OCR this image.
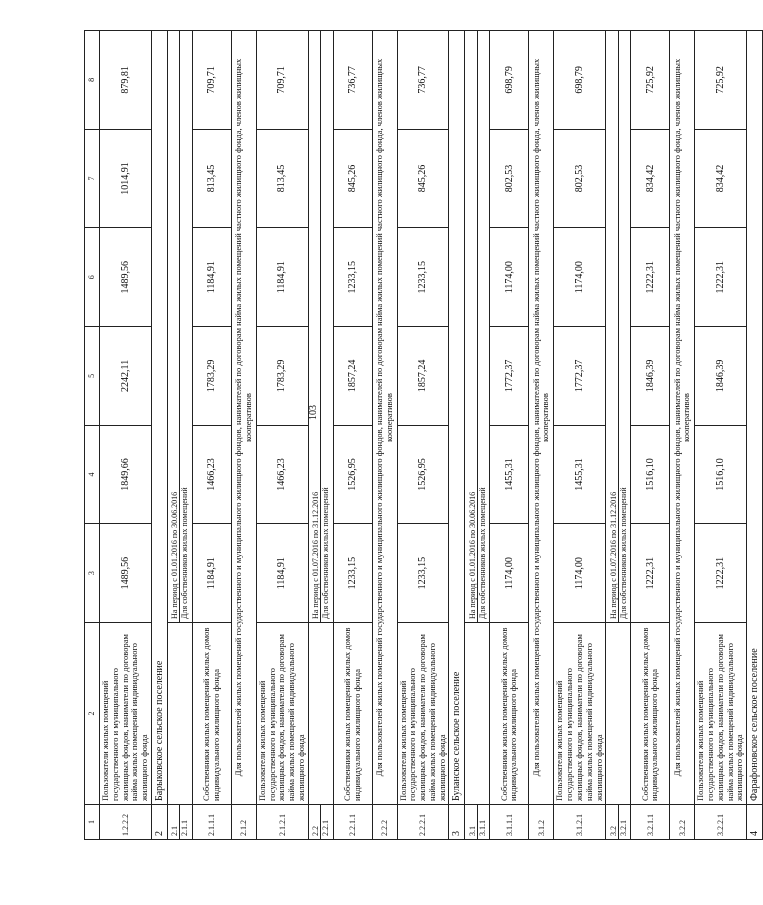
103
1	2	3	4	5	6	7	8
1.2.2.2	Пользователи жилых помещений государственного и муниципального жилищных фондов, наниматели по договорам найма жилых помещений индивидуального жилищного фонда	1489,56	1849,66	2242,11	1489,56	1014,91	879,81
2	Барыковское сельское поселение						

2.1 2.1.1		На период с 01.01.2016 по 30.06.2016 Для собственников жилых помещений					

2.1.1.1	Собственники жилых помещений жилых домов индивидуального жилищного фонда	1184,91	1466,23	1783,29	1184,91	813,45	709,71
2.1.2	Для пользователей жилых помещений государственного и муниципального жилищного фондов, нанимателей по договорам найма жилых помещений частного жилищного фонда, членов жилищных кооперативов						
2.1.2.1	Пользователи жилых помещений государственного и муниципального жилищных фондов, наниматели по договорам найма жилых помещений индивидуального жилищного фонда	1184,91	1466,23	1783,29	1184,91	813,45	709,71

2.2 2.2.1		На период с 01.07.2016 по 31.12.2016 Для собственников жилых помещений					

2.2.1.1	Собственники жилых помещений жилых домов индивидуального жилищного фонда	1233,15	1526,95	1857,24	1233,15	845,26	736,77
2.2.2	Для пользователей жилых помещений государственного и муниципального жилищного фондов, нанимателей по договорам найма жилых помещений частного жилищного фонда, членов жилищных кооперативов						
2.2.2.1	Пользователи жилых помещений государственного и муниципального жилищных фондов, наниматели по договорам найма жилых помещений индивидуального жилищного фонда	1233,15	1526,95	1857,24	1233,15	845,26	736,77
3	Буланское сельское поселение						

3.1 3.1.1		На период с 01.01.2016 по 30.06.2016 Для собственников жилых помещений					

3.1.1.1	Собственники жилых помещений жилых домов индивидуального жилищного фонда	1174,00	1455,31	1772,37	1174,00	802,53	698,79
3.1.2	Для пользователей жилых помещений государственного и муниципального жилищного фондов, нанимателей по договорам найма жилых помещений частного жилищного фонда, членов жилищных кооперативов						
3.1.2.1	Пользователи жилых помещений государственного и муниципального жилищных фондов, наниматели по договорам найма жилых помещений индивидуального жилищного фонда	1174,00	1455,31	1772,37	1174,00	802,53	698,79

3.2 3.2.1		На период с 01.07.2016 по 31.12.2016 Для собственников жилых помещений					

3.2.1.1	Собственники жилых помещений жилых домов индивидуального жилищного фонда	1222,31	1516,10	1846,39	1222,31	834,42	725,92
3.2.2	Для пользователей жилых помещений государственного и муниципального жилищного фондов, нанимателей по договорам найма жилых помещений частного жилищного фонда, членов жилищных кооперативов						
3.2.2.1	Пользователи жилых помещений государственного и муниципального жилищных фондов, наниматели по договорам найма жилых помещений индивидуального жилищного фонда	1222,31	1516,10	1846,39	1222,31	834,42	725,92
4	Фарафоновское сельское поселение						
